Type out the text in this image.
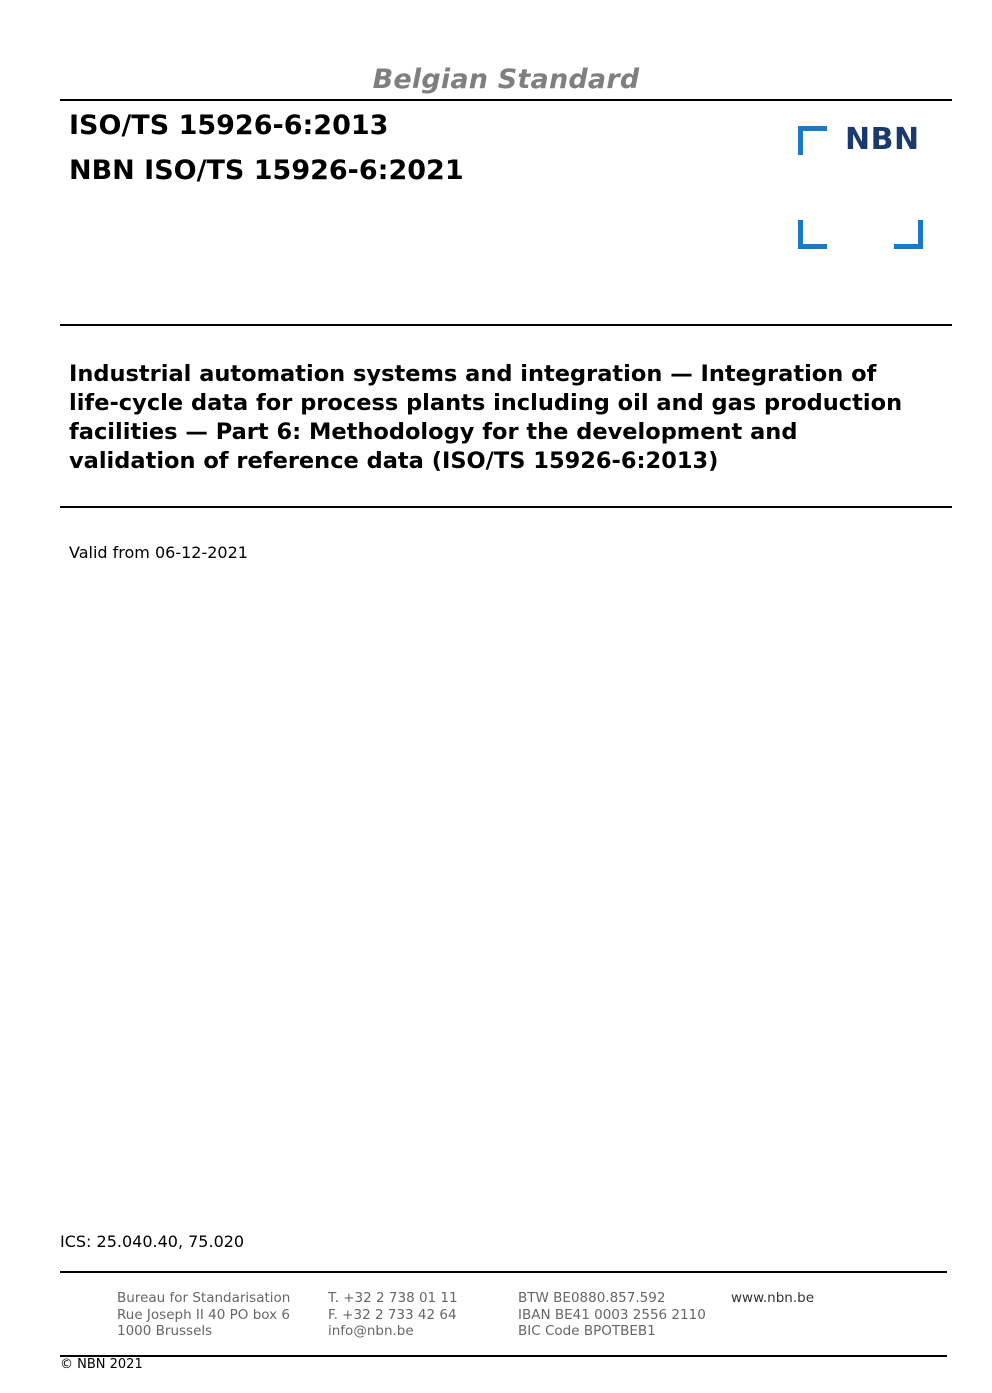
Belgian Standard
ISO/TS 15926-6:2013
NBN ISO/TS 15926-6:2021
NBN
Industrial automation systems and integration — Integration of
life-cycle data for process plants including oil and gas production
facilities — Part 6: Methodology for the development and
validation of reference data (ISO/TS 15926-6:2013)
Valid from 06-12-2021
ICS: 25.040.40, 75.020
Bureau for Standarisation
Rue Joseph II 40 PO box 6
1000 Brussels
T. +32 2 738 01 11
F. +32 2 733 42 64
info@nbn.be
BTW BE0880.857.592
IBAN BE41 0003 2556 2110
BIC Code BPOTBEB1
www.nbn.be
© NBN 2021
